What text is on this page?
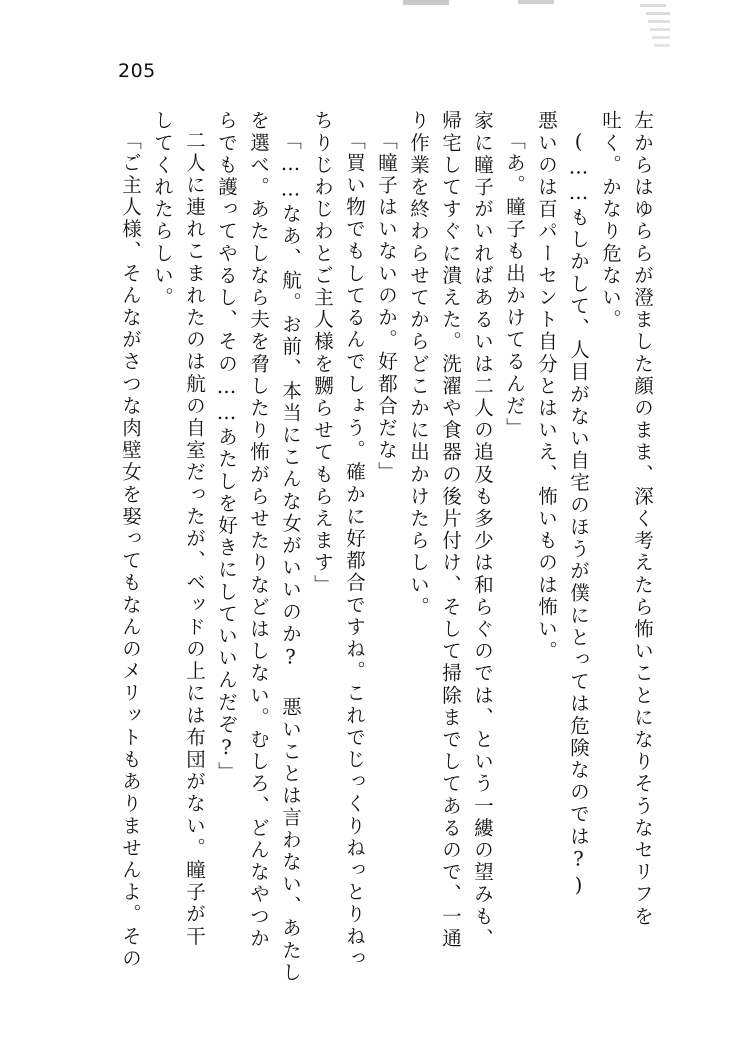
205
左からはゆららが澄ました顔のまま、深く考えたら怖いことになりそうなセリフを
吐く。かなり危ない。
(……もしかして、人目がない自宅のほうが僕にとっては危険なのでは?)
悪いのは百パーセント自分とはいえ、怖いものは怖い。
「あ。瞳子も出かけてるんだ」
家に瞳子がいればあるいは二人の追及も多少は和らぐのでは、という一縷の望みも、
帰宅してすぐに潰えた。洗濯や食器の後片付け、そして掃除までしてあるので、一通
り作業を終わらせてからどこかに出かけたらしい。
「瞳子はいないのか。好都合だな」
「買い物でもしてるんでしょう。確かに好都合ですね。これでじっくりねっとりねっ
ちりじわじわとご主人様を嬲らせてもらえます」
「……なあ、航。お前、本当にこんな女がいいのか? 悪いことは言わない、あたし
を選べ。あたしなら夫を脅したり怖がらせたりなどはしない。むしろ、どんなやつか
らでも護ってやるし、その……あたしを好きにしていいんだぞ?」
二人に連れこまれたのは航の自室だったが、ベッドの上には布団がない。瞳子が干
してくれたらしい。
「ご主人様、そんながさつな肉壁女を娶ってもなんのメリットもありませんよ。その
